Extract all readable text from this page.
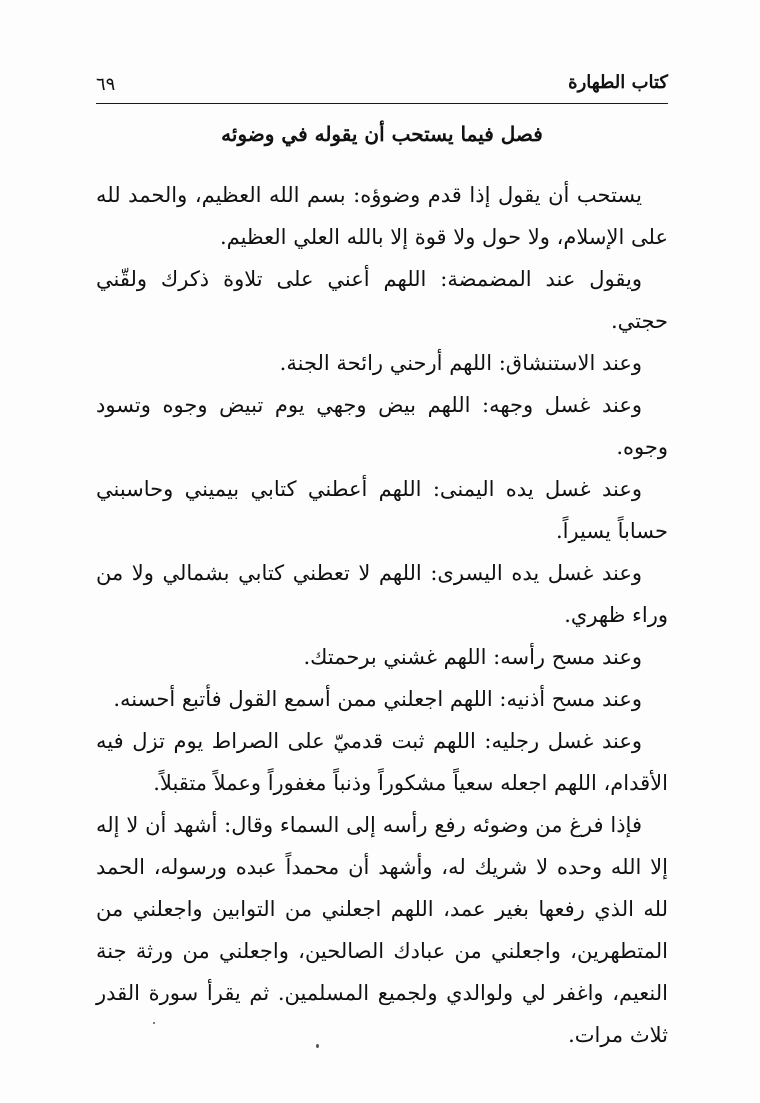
كتاب الطهارة
٦٩
فصل فيما يستحب أن يقوله في وضوئه

يستحب أن يقول إذا قدم وضوؤه: بسم الله العظيم، والحمد لله على الإسلام، ولا حول ولا قوة إلا بالله العلي العظيم.

ويقول عند المضمضة: اللهم أعني على تلاوة ذكرك ولقّني حجتي.

وعند الاستنشاق: اللهم أرحني رائحة الجنة.

وعند غسل وجهه: اللهم بيض وجهي يوم تبيض وجوه وتسود وجوه.

وعند غسل يده اليمنى: اللهم أعطني كتابي بيميني وحاسبني حساباً يسيراً.

وعند غسل يده اليسرى: اللهم لا تعطني كتابي بشمالي ولا من وراء ظهري.

وعند مسح رأسه: اللهم غشني برحمتك.

وعند مسح أذنيه: اللهم اجعلني ممن أسمع القول فأتبع أحسنه.

وعند غسل رجليه: اللهم ثبت قدميّ على الصراط يوم تزل فيه الأقدام، اللهم اجعله سعياً مشكوراً وذنباً مغفوراً وعملاً متقبلاً.

فإذا فرغ من وضوئه رفع رأسه إلى السماء وقال: أشهد أن لا إله إلا الله وحده لا شريك له، وأشهد أن محمداً عبده ورسوله، الحمد لله الذي رفعها بغير عمد، اللهم اجعلني من التوابين واجعلني من المتطهرين، واجعلني من عبادك الصالحين، واجعلني من ورثة جنة النعيم، واغفر لي ولوالدي ولجميع المسلمين. ثم يقرأ سورة القدر ثلاث مرات.
